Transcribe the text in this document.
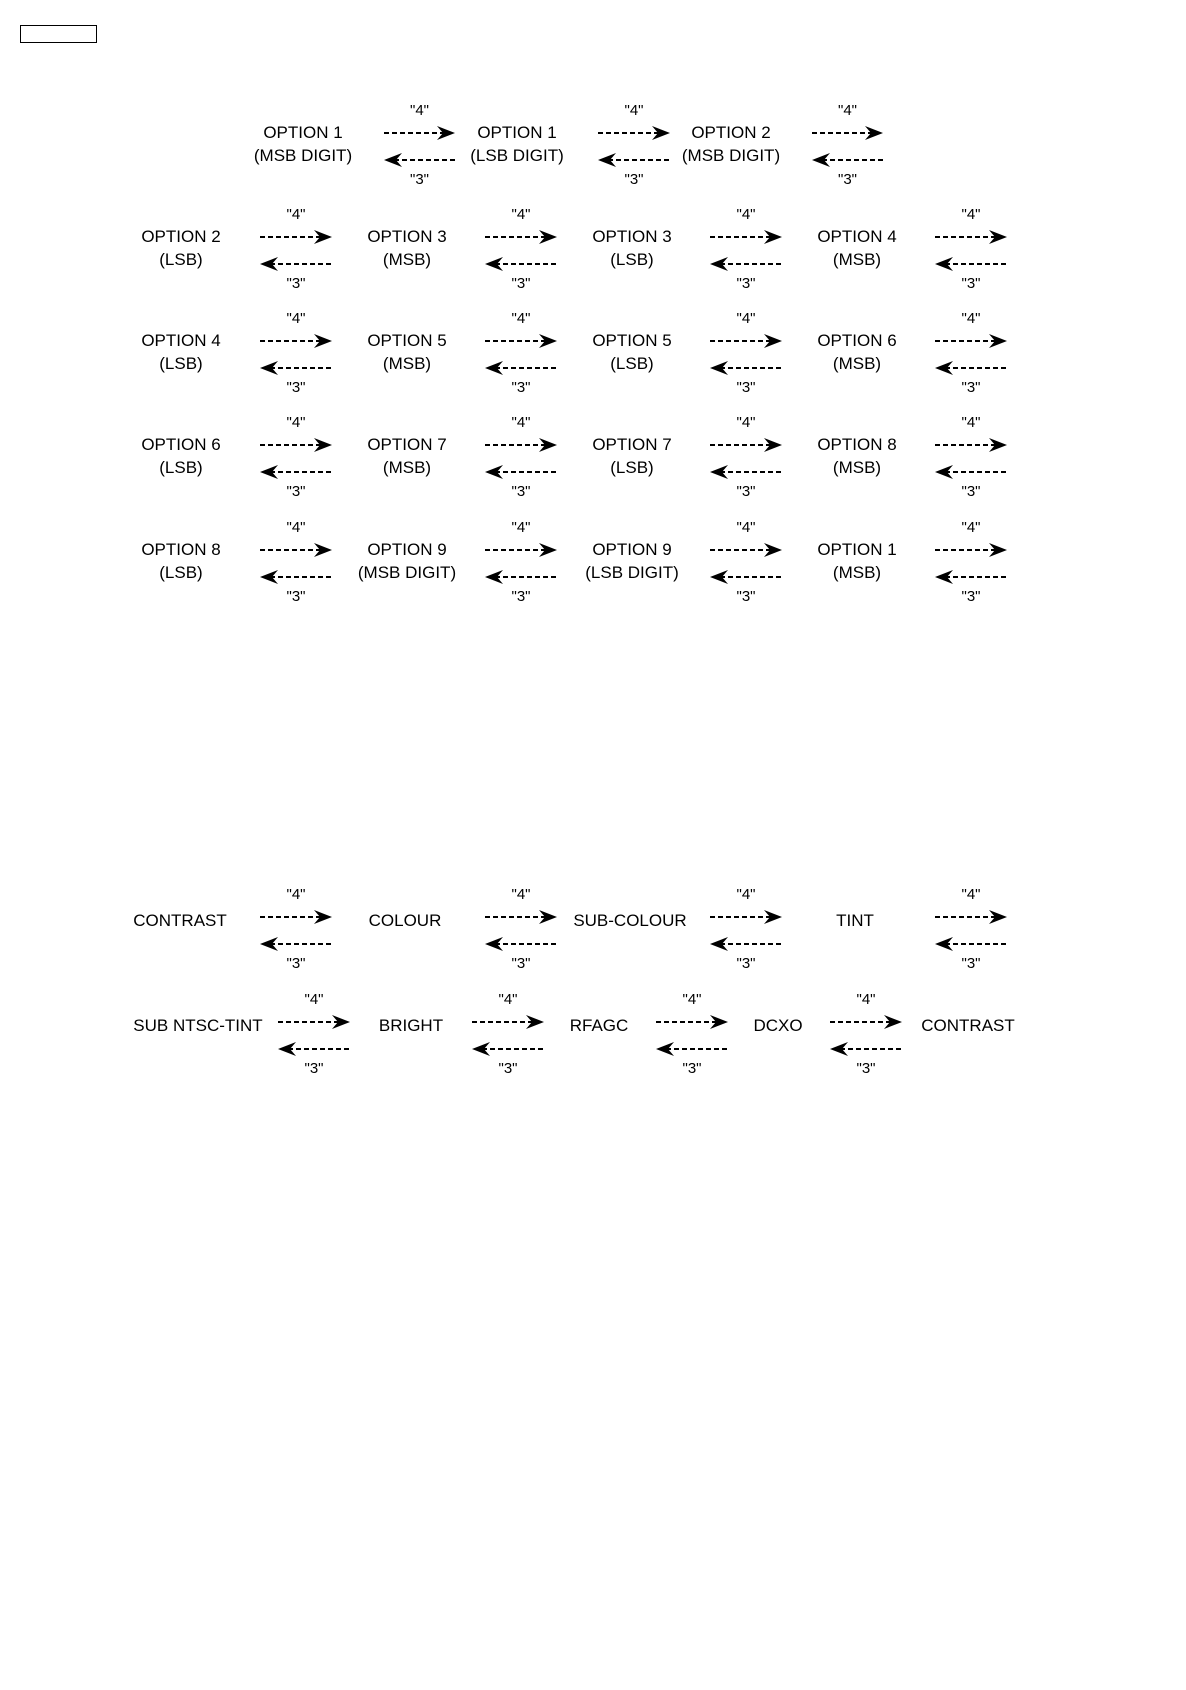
OPTION 1
(MSB DIGIT)
OPTION 1
(LSB DIGIT)
OPTION 2
(MSB DIGIT)
"4"
"3"
"4"
"3"
"4"
"3"
OPTION 2
(LSB)
OPTION 3
(MSB)
OPTION 3
(LSB)
OPTION 4
(MSB)
"4"
"3"
"4"
"3"
"4"
"3"
"4"
"3"
OPTION 4
(LSB)
OPTION 5
(MSB)
OPTION 5
(LSB)
OPTION 6
(MSB)
"4"
"3"
"4"
"3"
"4"
"3"
"4"
"3"
OPTION 6
(LSB)
OPTION 7
(MSB)
OPTION 7
(LSB)
OPTION 8
(MSB)
"4"
"3"
"4"
"3"
"4"
"3"
"4"
"3"
OPTION 8
(LSB)
OPTION 9
(MSB DIGIT)
OPTION 9
(LSB DIGIT)
OPTION 1
(MSB)
"4"
"3"
"4"
"3"
"4"
"3"
"4"
"3"
CONTRAST	COLOUR	SUB-COLOUR	TINT
"4"
"3"
"4"
"3"
"4"
"3"
"4"
"3"
SUB NTSC-TINT	BRIGHT	RFAGC	DCXO	CONTRAST
"4"
"3"
"4"
"3"
"4"
"3"
"4"
"3"
